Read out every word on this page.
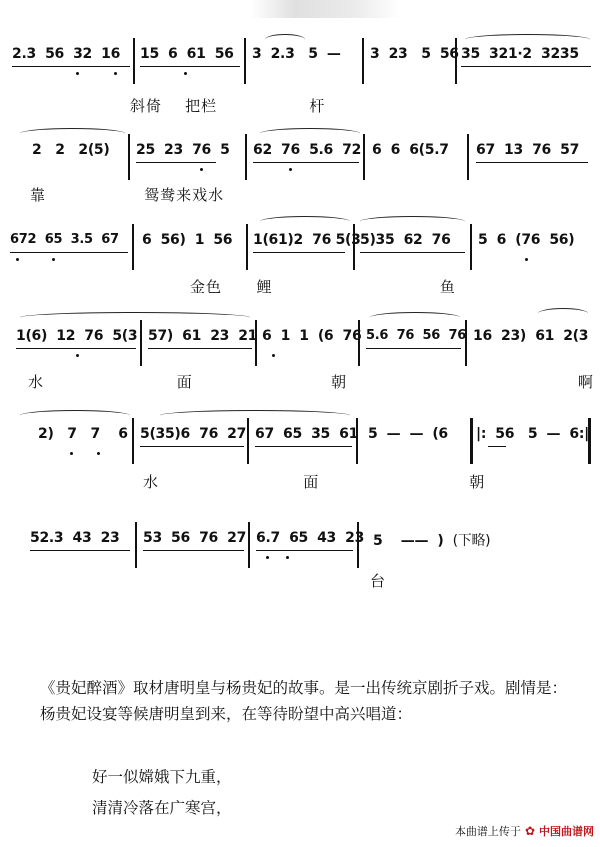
2.3 56 32 16 15 6 61 56 3 2.3 5 — 3 23 5 56 35 321·2 3235
斜倚 把栏	杆
2 2 2(5) 25 23 76 5 62 76 5.6 72 6 6 6(5.7 67 13 76 57
靠	鸳鸯来戏水
672 65 3.5 67 6 56) 1 56 1(61)2 76 5(3 5)35 62 76 5 6 (76 56)
金色 鲤	鱼
1(6) 12 76 5(3 57) 61 23 21 6 1 1 (6 76 5.6 76 56 76 16 23) 61 2(3
水	面	朝	啊
2) 7 7 6 5(35)6 76 27 67 65 35 61 5 — — (6 |: 56 5 — 6:|
水	面	朝
52.3 43 23 53 56 76 27 6.7 65 43 23 5 —— ) (下略)
台
《贵妃醉酒》取材唐明皇与杨贵妃的故事。是一出传统京剧折子戏。剧情是：杨贵妃设宴等候唐明皇到来，在等待盼望中高兴唱道：
好一似嫦娥下九重，
清清冷落在广寒宫，
本曲谱上传于 ✿ 中国曲谱网
